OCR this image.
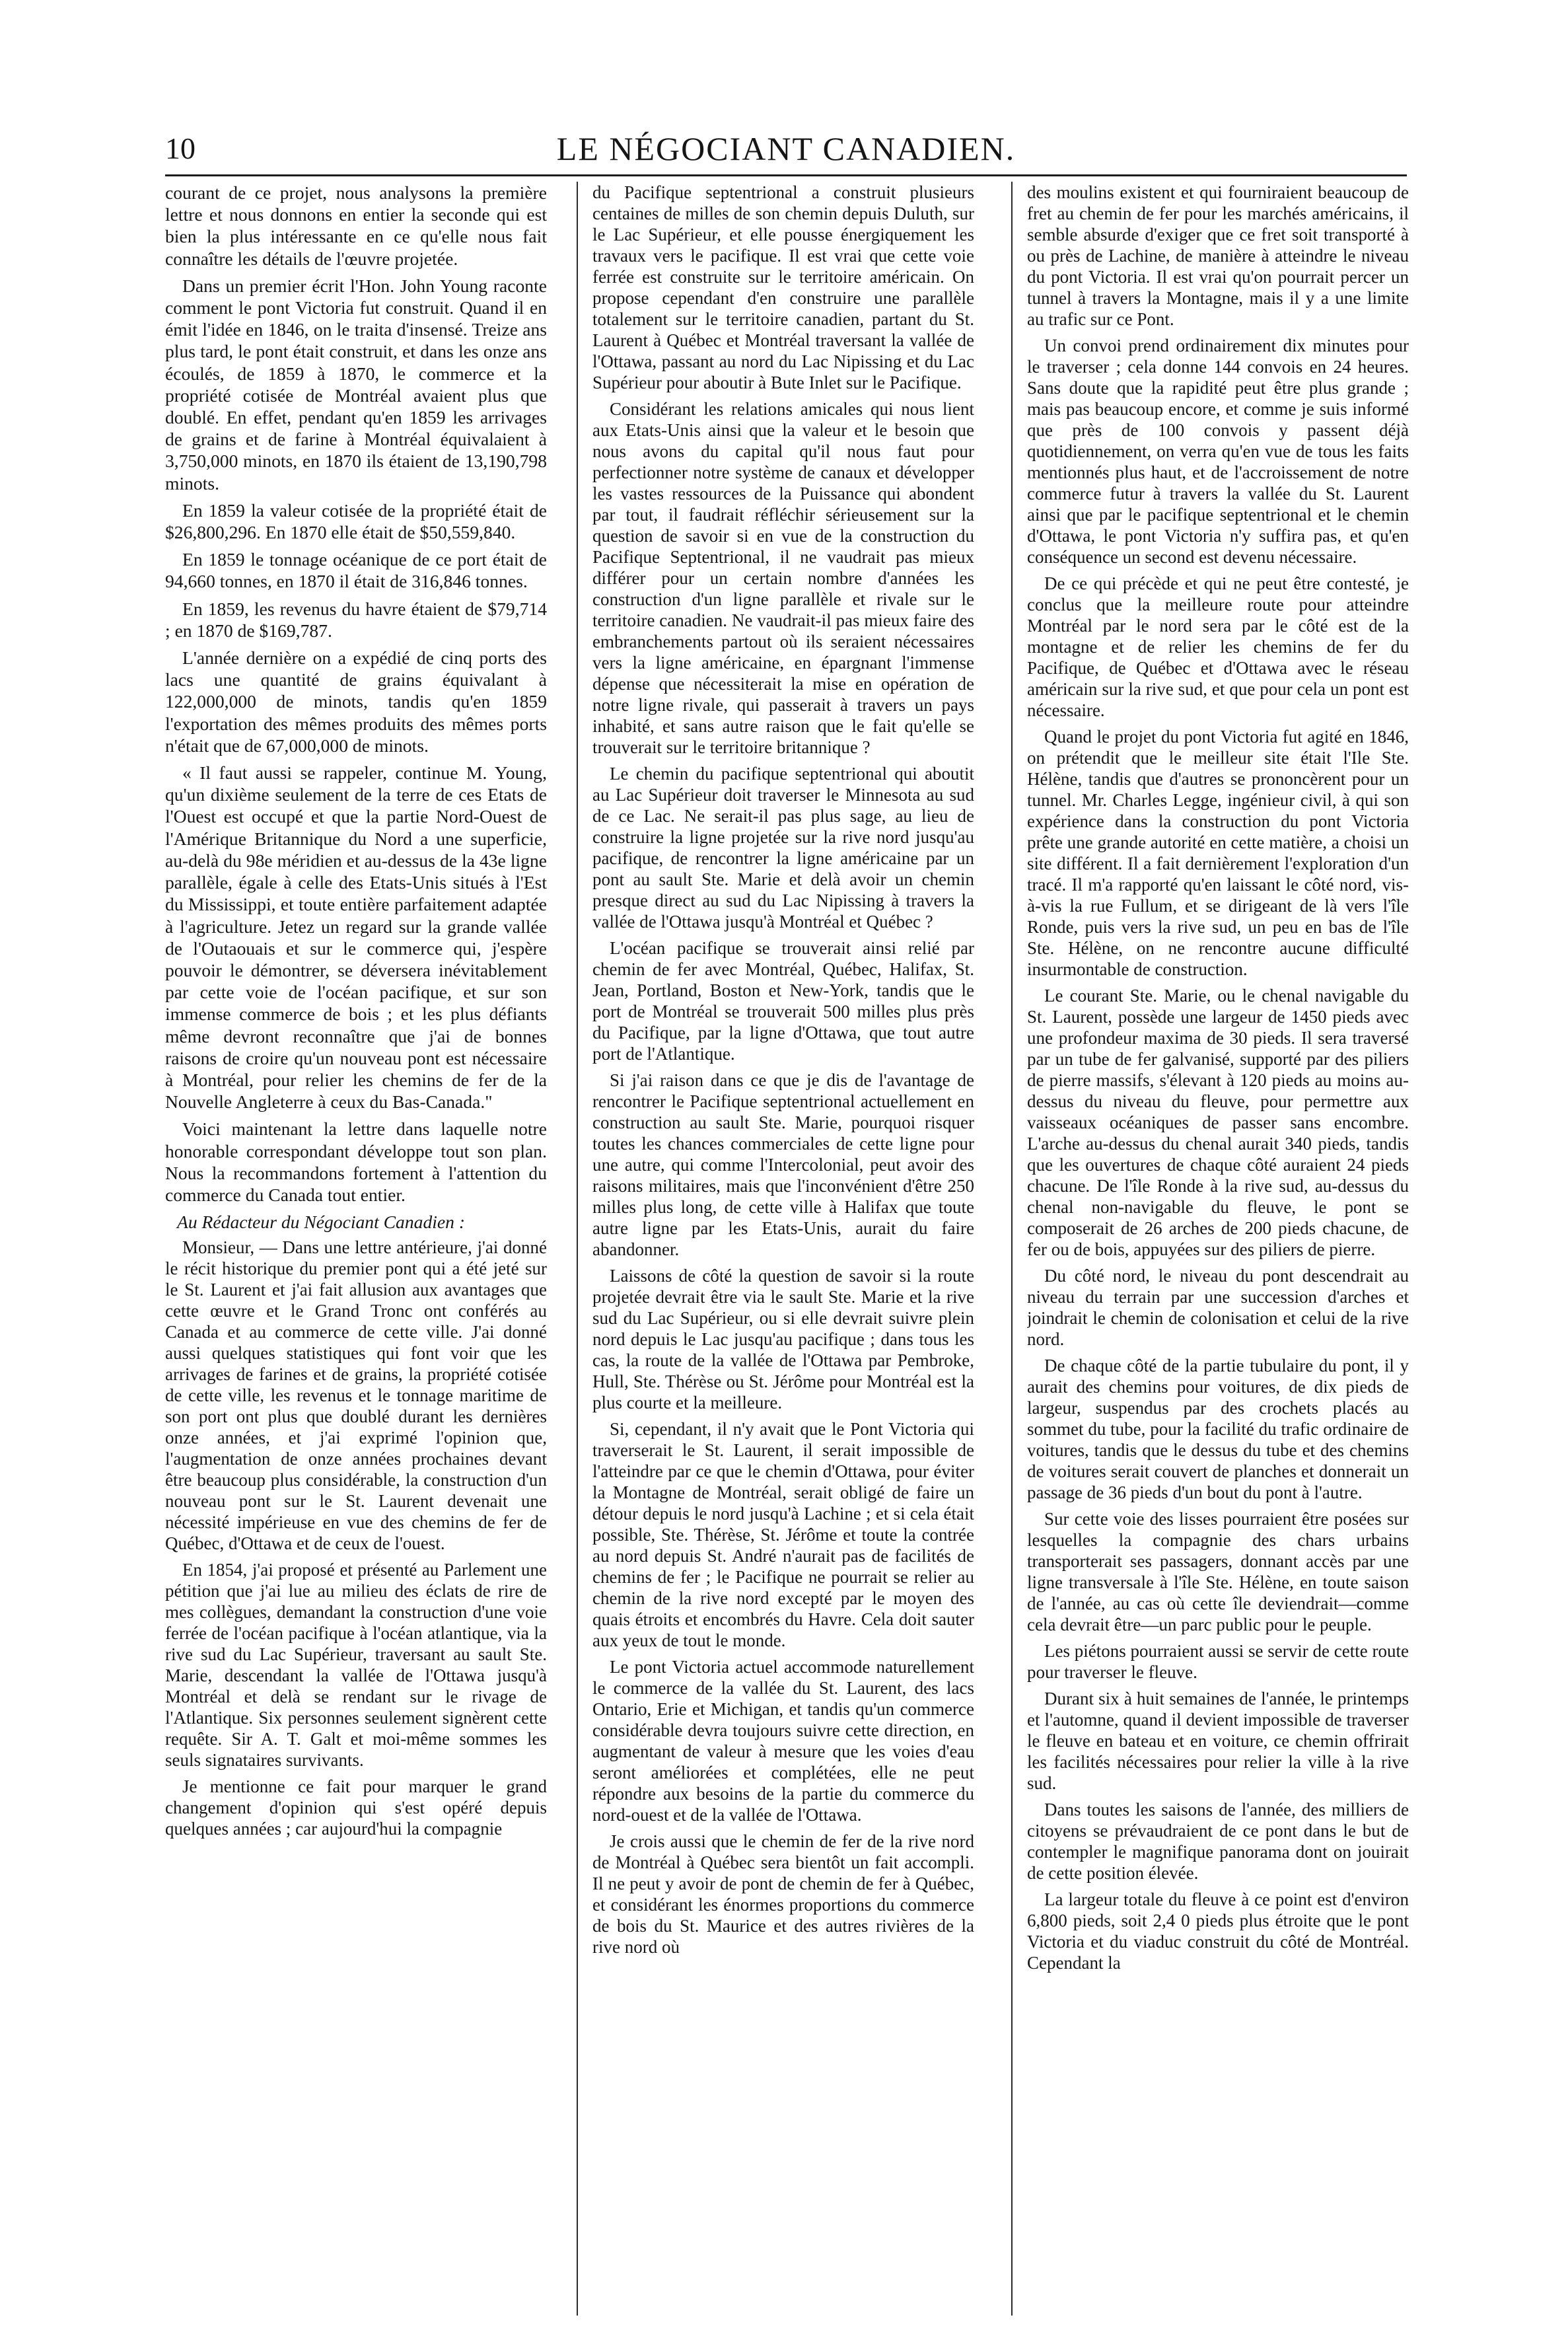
10	LE NÉGOCIANT CANADIEN.

courant de ce projet, nous analysons la première lettre et nous donnons en entier la seconde qui est bien la plus intéressante en ce qu'elle nous fait connaître les détails de l'œuvre projetée.

Dans un premier écrit l'Hon. John Young raconte comment le pont Victoria fut construit. Quand il en émit l'idée en 1846, on le traita d'insensé. Treize ans plus tard, le pont était construit, et dans les onze ans écoulés, de 1859 à 1870, le commerce et la propriété cotisée de Montréal avaient plus que doublé. En effet, pendant qu'en 1859 les arrivages de grains et de farine à Montréal équivalaient à 3,750,000 minots, en 1870 ils étaient de 13,190,798 minots.

En 1859 la valeur cotisée de la propriété était de $26,800,296. En 1870 elle était de $50,559,840.

En 1859 le tonnage océanique de ce port était de 94,660 tonnes, en 1870 il était de 316,846 tonnes.

En 1859, les revenus du havre étaient de $79,714 ; en 1870 de $169,787.

L'année dernière on a expédié de cinq ports des lacs une quantité de grains équivalant à 122,000,000 de minots, tandis qu'en 1859 l'exportation des mêmes produits des mêmes ports n'était que de 67,000,000 de minots.

« Il faut aussi se rappeler, continue M. Young, qu'un dixième seulement de la terre de ces Etats de l'Ouest est occupé et que la partie Nord-Ouest de l'Amérique Britannique du Nord a une superficie, au-delà du 98e méridien et au-dessus de la 43e ligne parallèle, égale à celle des Etats-Unis situés à l'Est du Mississippi, et toute entière parfaitement adaptée à l'agriculture. Jetez un regard sur la grande vallée de l'Outaouais et sur le commerce qui, j'espère pouvoir le démontrer, se déversera inévitablement par cette voie de l'océan pacifique, et sur son immense commerce de bois ; et les plus défiants même devront reconnaître que j'ai de bonnes raisons de croire qu'un nouveau pont est nécessaire à Montréal, pour relier les chemins de fer de la Nouvelle Angleterre à ceux du Bas-Canada."

Voici maintenant la lettre dans laquelle notre honorable correspondant développe tout son plan. Nous la recommandons fortement à l'attention du commerce du Canada tout entier.

Au Rédacteur du Négociant Canadien :

Monsieur, — Dans une lettre antérieure, j'ai donné le récit historique du premier pont qui a été jeté sur le St. Laurent et j'ai fait allusion aux avantages que cette œuvre et le Grand Tronc ont conférés au Canada et au commerce de cette ville. J'ai donné aussi quelques statistiques qui font voir que les arrivages de farines et de grains, la propriété cotisée de cette ville, les revenus et le tonnage maritime de son port ont plus que doublé durant les dernières onze années, et j'ai exprimé l'opinion que, l'augmentation de onze années prochaines devant être beaucoup plus considérable, la construction d'un nouveau pont sur le St. Laurent devenait une nécessité impérieuse en vue des chemins de fer de Québec, d'Ottawa et de ceux de l'ouest.

En 1854, j'ai proposé et présenté au Parlement une pétition que j'ai lue au milieu des éclats de rire de mes collègues, demandant la construction d'une voie ferrée de l'océan pacifique à l'océan atlantique, via la rive sud du Lac Supérieur, traversant au sault Ste. Marie, descendant la vallée de l'Ottawa jusqu'à Montréal et delà se rendant sur le rivage de l'Atlantique. Six personnes seulement signèrent cette requête. Sir A. T. Galt et moi-même sommes les seuls signataires survivants.

Je mentionne ce fait pour marquer le grand changement d'opinion qui s'est opéré depuis quelques années ; car aujourd'hui la compagnie

du Pacifique septentrional a construit plusieurs centaines de milles de son chemin depuis Duluth, sur le Lac Supérieur, et elle pousse énergiquement les travaux vers le pacifique. Il est vrai que cette voie ferrée est construite sur le territoire américain. On propose cependant d'en construire une parallèle totalement sur le territoire canadien, partant du St. Laurent à Québec et Montréal traversant la vallée de l'Ottawa, passant au nord du Lac Nipissing et du Lac Supérieur pour aboutir à Bute Inlet sur le Pacifique.

Considérant les relations amicales qui nous lient aux Etats-Unis ainsi que la valeur et le besoin que nous avons du capital qu'il nous faut pour perfectionner notre système de canaux et développer les vastes ressources de la Puissance qui abondent par tout, il faudrait réfléchir sérieusement sur la question de savoir si en vue de la construction du Pacifique Septentrional, il ne vaudrait pas mieux différer pour un certain nombre d'années les construction d'un ligne parallèle et rivale sur le territoire canadien. Ne vaudrait-il pas mieux faire des embranchements partout où ils seraient nécessaires vers la ligne américaine, en épargnant l'immense dépense que nécessiterait la mise en opération de notre ligne rivale, qui passerait à travers un pays inhabité, et sans autre raison que le fait qu'elle se trouverait sur le territoire britannique ?

Le chemin du pacifique septentrional qui aboutit au Lac Supérieur doit traverser le Minnesota au sud de ce Lac. Ne serait-il pas plus sage, au lieu de construire la ligne projetée sur la rive nord jusqu'au pacifique, de rencontrer la ligne américaine par un pont au sault Ste. Marie et delà avoir un chemin presque direct au sud du Lac Nipissing à travers la vallée de l'Ottawa jusqu'à Montréal et Québec ?

L'océan pacifique se trouverait ainsi relié par chemin de fer avec Montréal, Québec, Halifax, St. Jean, Portland, Boston et New-York, tandis que le port de Montréal se trouverait 500 milles plus près du Pacifique, par la ligne d'Ottawa, que tout autre port de l'Atlantique.

Si j'ai raison dans ce que je dis de l'avantage de rencontrer le Pacifique septentrional actuellement en construction au sault Ste. Marie, pourquoi risquer toutes les chances commerciales de cette ligne pour une autre, qui comme l'Intercolonial, peut avoir des raisons militaires, mais que l'inconvénient d'être 250 milles plus long, de cette ville à Halifax que toute autre ligne par les Etats-Unis, aurait du faire abandonner.

Laissons de côté la question de savoir si la route projetée devrait être via le sault Ste. Marie et la rive sud du Lac Supérieur, ou si elle devrait suivre plein nord depuis le Lac jusqu'au pacifique ; dans tous les cas, la route de la vallée de l'Ottawa par Pembroke, Hull, Ste. Thérèse ou St. Jérôme pour Montréal est la plus courte et la meilleure.

Si, cependant, il n'y avait que le Pont Victoria qui traverserait le St. Laurent, il serait impossible de l'atteindre par ce que le chemin d'Ottawa, pour éviter la Montagne de Montréal, serait obligé de faire un détour depuis le nord jusqu'à Lachine ; et si cela était possible, Ste. Thérèse, St. Jérôme et toute la contrée au nord depuis St. André n'aurait pas de facilités de chemins de fer ; le Pacifique ne pourrait se relier au chemin de la rive nord excepté par le moyen des quais étroits et encombrés du Havre. Cela doit sauter aux yeux de tout le monde.

Le pont Victoria actuel accommode naturellement le commerce de la vallée du St. Laurent, des lacs Ontario, Erie et Michigan, et tandis qu'un commerce considérable devra toujours suivre cette direction, en augmentant de valeur à mesure que les voies d'eau seront améliorées et complétées, elle ne peut répondre aux besoins de la partie du commerce du nord-ouest et de la vallée de l'Ottawa.

Je crois aussi que le chemin de fer de la rive nord de Montréal à Québec sera bientôt un fait accompli. Il ne peut y avoir de pont de chemin de fer à Québec, et considérant les énormes proportions du commerce de bois du St. Maurice et des autres rivières de la rive nord où

des moulins existent et qui fourniraient beaucoup de fret au chemin de fer pour les marchés américains, il semble absurde d'exiger que ce fret soit transporté à ou près de Lachine, de manière à atteindre le niveau du pont Victoria. Il est vrai qu'on pourrait percer un tunnel à travers la Montagne, mais il y a une limite au trafic sur ce Pont.

Un convoi prend ordinairement dix minutes pour le traverser ; cela donne 144 convois en 24 heures. Sans doute que la rapidité peut être plus grande ; mais pas beaucoup encore, et comme je suis informé que près de 100 convois y passent déjà quotidiennement, on verra qu'en vue de tous les faits mentionnés plus haut, et de l'accroissement de notre commerce futur à travers la vallée du St. Laurent ainsi que par le pacifique septentrional et le chemin d'Ottawa, le pont Victoria n'y suffira pas, et qu'en conséquence un second est devenu nécessaire.

De ce qui précède et qui ne peut être contesté, je conclus que la meilleure route pour atteindre Montréal par le nord sera par le côté est de la montagne et de relier les chemins de fer du Pacifique, de Québec et d'Ottawa avec le réseau américain sur la rive sud, et que pour cela un pont est nécessaire.

Quand le projet du pont Victoria fut agité en 1846, on prétendit que le meilleur site était l'Ile Ste. Hélène, tandis que d'autres se prononcèrent pour un tunnel. Mr. Charles Legge, ingénieur civil, à qui son expérience dans la construction du pont Victoria prête une grande autorité en cette matière, a choisi un site différent. Il a fait dernièrement l'exploration d'un tracé. Il m'a rapporté qu'en laissant le côté nord, vis-à-vis la rue Fullum, et se dirigeant de là vers l'île Ronde, puis vers la rive sud, un peu en bas de l'île Ste. Hélène, on ne rencontre aucune difficulté insurmontable de construction.

Le courant Ste. Marie, ou le chenal navigable du St. Laurent, possède une largeur de 1450 pieds avec une profondeur maxima de 30 pieds. Il sera traversé par un tube de fer galvanisé, supporté par des piliers de pierre massifs, s'élevant à 120 pieds au moins au-dessus du niveau du fleuve, pour permettre aux vaisseaux océaniques de passer sans encombre. L'arche au-dessus du chenal aurait 340 pieds, tandis que les ouvertures de chaque côté auraient 24 pieds chacune. De l'île Ronde à la rive sud, au-dessus du chenal non-navigable du fleuve, le pont se composerait de 26 arches de 200 pieds chacune, de fer ou de bois, appuyées sur des piliers de pierre.

Du côté nord, le niveau du pont descendrait au niveau du terrain par une succession d'arches et joindrait le chemin de colonisation et celui de la rive nord.

De chaque côté de la partie tubulaire du pont, il y aurait des chemins pour voitures, de dix pieds de largeur, suspendus par des crochets placés au sommet du tube, pour la facilité du trafic ordinaire de voitures, tandis que le dessus du tube et des chemins de voitures serait couvert de planches et donnerait un passage de 36 pieds d'un bout du pont à l'autre.

Sur cette voie des lisses pourraient être posées sur lesquelles la compagnie des chars urbains transporterait ses passagers, donnant accès par une ligne transversale à l'île Ste. Hélène, en toute saison de l'année, au cas où cette île deviendrait—comme cela devrait être—un parc public pour le peuple.

Les piétons pourraient aussi se servir de cette route pour traverser le fleuve.

Durant six à huit semaines de l'année, le printemps et l'automne, quand il devient impossible de traverser le fleuve en bateau et en voiture, ce chemin offrirait les facilités nécessaires pour relier la ville à la rive sud.

Dans toutes les saisons de l'année, des milliers de citoyens se prévaudraient de ce pont dans le but de contempler le magnifique panorama dont on jouirait de cette position élevée.

La largeur totale du fleuve à ce point est d'environ 6,800 pieds, soit 2,4 0 pieds plus étroite que le pont Victoria et du viaduc construit du côté de Montréal. Cependant la
